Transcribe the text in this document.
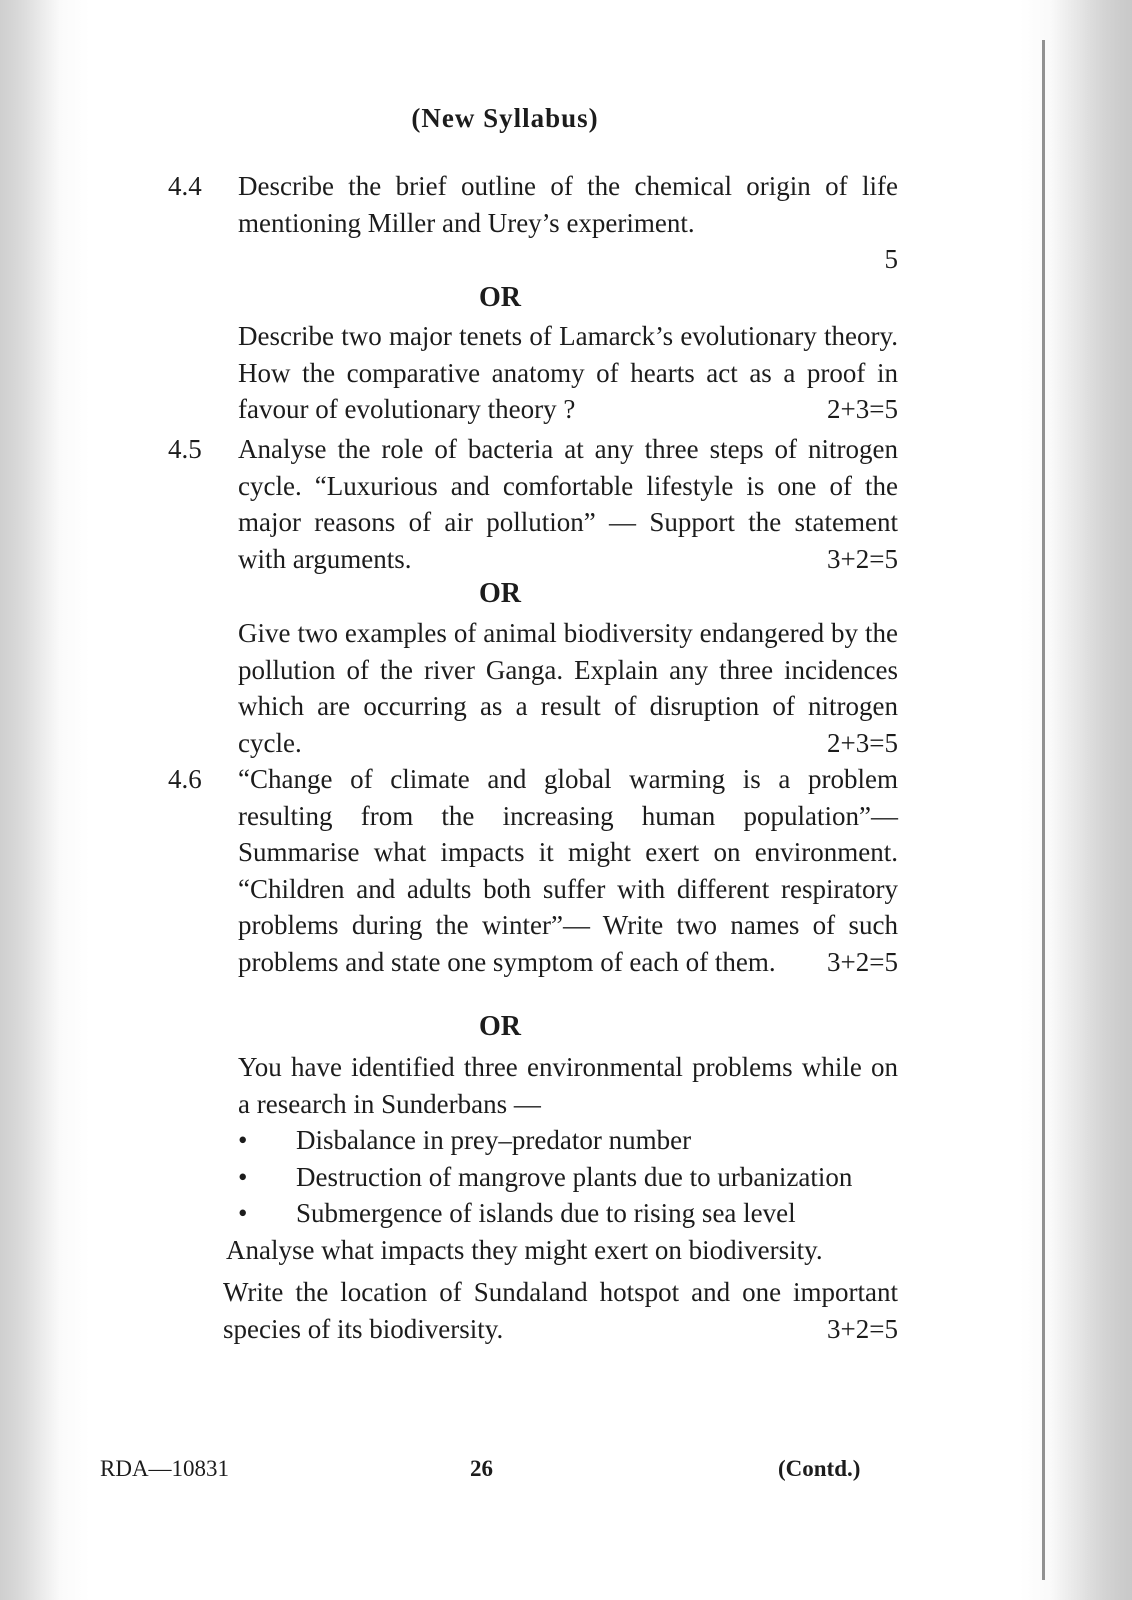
(New Syllabus)
4.4	Describe the brief outline of the chemical origin of life mentioning Miller and Urey’s experiment.
5
OR
Describe two major tenets of Lamarck’s evolutionary theory. How the comparative anatomy of hearts act as a proof in favour of evolutionary theory ?	2+3=5
4.5	Analyse the role of bacteria at any three steps of nitrogen cycle. “Luxurious and comfortable lifestyle is one of the major reasons of air pollution” — Support the statement with arguments.	3+2=5
OR
Give two examples of animal biodiversity endangered by the pollution of the river Ganga. Explain any three incidences which are occurring as a result of disruption of nitrogen cycle.	2+3=5
4.6	“Change of climate and global warming is a problem resulting from the increasing human population”— Summarise what impacts it might exert on environment. “Children and adults both suffer with different respiratory problems during the winter”— Write two names of such problems and state one symptom of each of them.	3+2=5
OR
You have identified three environmental problems while on a research in Sunderbans —
• Disbalance in prey–predator number
• Destruction of mangrove plants due to urbanization
• Submergence of islands due to rising sea level
Analyse what impacts they might exert on biodiversity.
Write the location of Sundaland hotspot and one important species of its biodiversity.	3+2=5
RDA—10831	26	(Contd.)
